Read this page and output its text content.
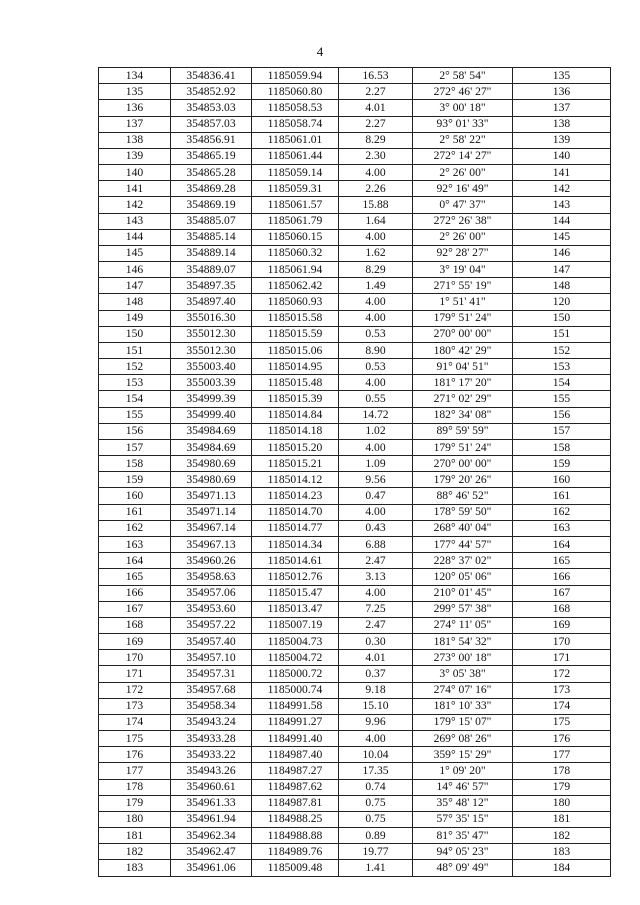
4
134	354836.41	1185059.94	16.53	2° 58' 54"	135
135	354852.92	1185060.80	2.27	272° 46' 27"	136
136	354853.03	1185058.53	4.01	3° 00' 18"	137
137	354857.03	1185058.74	2.27	93° 01' 33"	138
138	354856.91	1185061.01	8.29	2° 58' 22"	139
139	354865.19	1185061.44	2.30	272° 14' 27"	140
140	354865.28	1185059.14	4.00	2° 26' 00"	141
141	354869.28	1185059.31	2.26	92° 16' 49"	142
142	354869.19	1185061.57	15.88	0° 47' 37"	143
143	354885.07	1185061.79	1.64	272° 26' 38"	144
144	354885.14	1185060.15	4.00	2° 26' 00"	145
145	354889.14	1185060.32	1.62	92° 28' 27"	146
146	354889.07	1185061.94	8.29	3° 19' 04"	147
147	354897.35	1185062.42	1.49	271° 55' 19"	148
148	354897.40	1185060.93	4.00	1° 51' 41"	120
149	355016.30	1185015.58	4.00	179° 51' 24"	150
150	355012.30	1185015.59	0.53	270° 00' 00"	151
151	355012.30	1185015.06	8.90	180° 42' 29"	152
152	355003.40	1185014.95	0.53	91° 04' 51"	153
153	355003.39	1185015.48	4.00	181° 17' 20"	154
154	354999.39	1185015.39	0.55	271° 02' 29"	155
155	354999.40	1185014.84	14.72	182° 34' 08"	156
156	354984.69	1185014.18	1.02	89° 59' 59"	157
157	354984.69	1185015.20	4.00	179° 51' 24"	158
158	354980.69	1185015.21	1.09	270° 00' 00"	159
159	354980.69	1185014.12	9.56	179° 20' 26"	160
160	354971.13	1185014.23	0.47	88° 46' 52"	161
161	354971.14	1185014.70	4.00	178° 59' 50"	162
162	354967.14	1185014.77	0.43	268° 40' 04"	163
163	354967.13	1185014.34	6.88	177° 44' 57"	164
164	354960.26	1185014.61	2.47	228° 37' 02"	165
165	354958.63	1185012.76	3.13	120° 05' 06"	166
166	354957.06	1185015.47	4.00	210° 01' 45"	167
167	354953.60	1185013.47	7.25	299° 57' 38"	168
168	354957.22	1185007.19	2.47	274° 11' 05"	169
169	354957.40	1185004.73	0.30	181° 54' 32"	170
170	354957.10	1185004.72	4.01	273° 00' 18"	171
171	354957.31	1185000.72	0.37	3° 05' 38"	172
172	354957.68	1185000.74	9.18	274° 07' 16"	173
173	354958.34	1184991.58	15.10	181° 10' 33"	174
174	354943.24	1184991.27	9.96	179° 15' 07"	175
175	354933.28	1184991.40	4.00	269° 08' 26"	176
176	354933.22	1184987.40	10.04	359° 15' 29"	177
177	354943.26	1184987.27	17.35	1° 09' 20"	178
178	354960.61	1184987.62	0.74	14° 46' 57"	179
179	354961.33	1184987.81	0.75	35° 48' 12"	180
180	354961.94	1184988.25	0.75	57° 35' 15"	181
181	354962.34	1184988.88	0.89	81° 35' 47"	182
182	354962.47	1184989.76	19.77	94° 05' 23"	183
183	354961.06	1185009.48	1.41	48° 09' 49"	184
